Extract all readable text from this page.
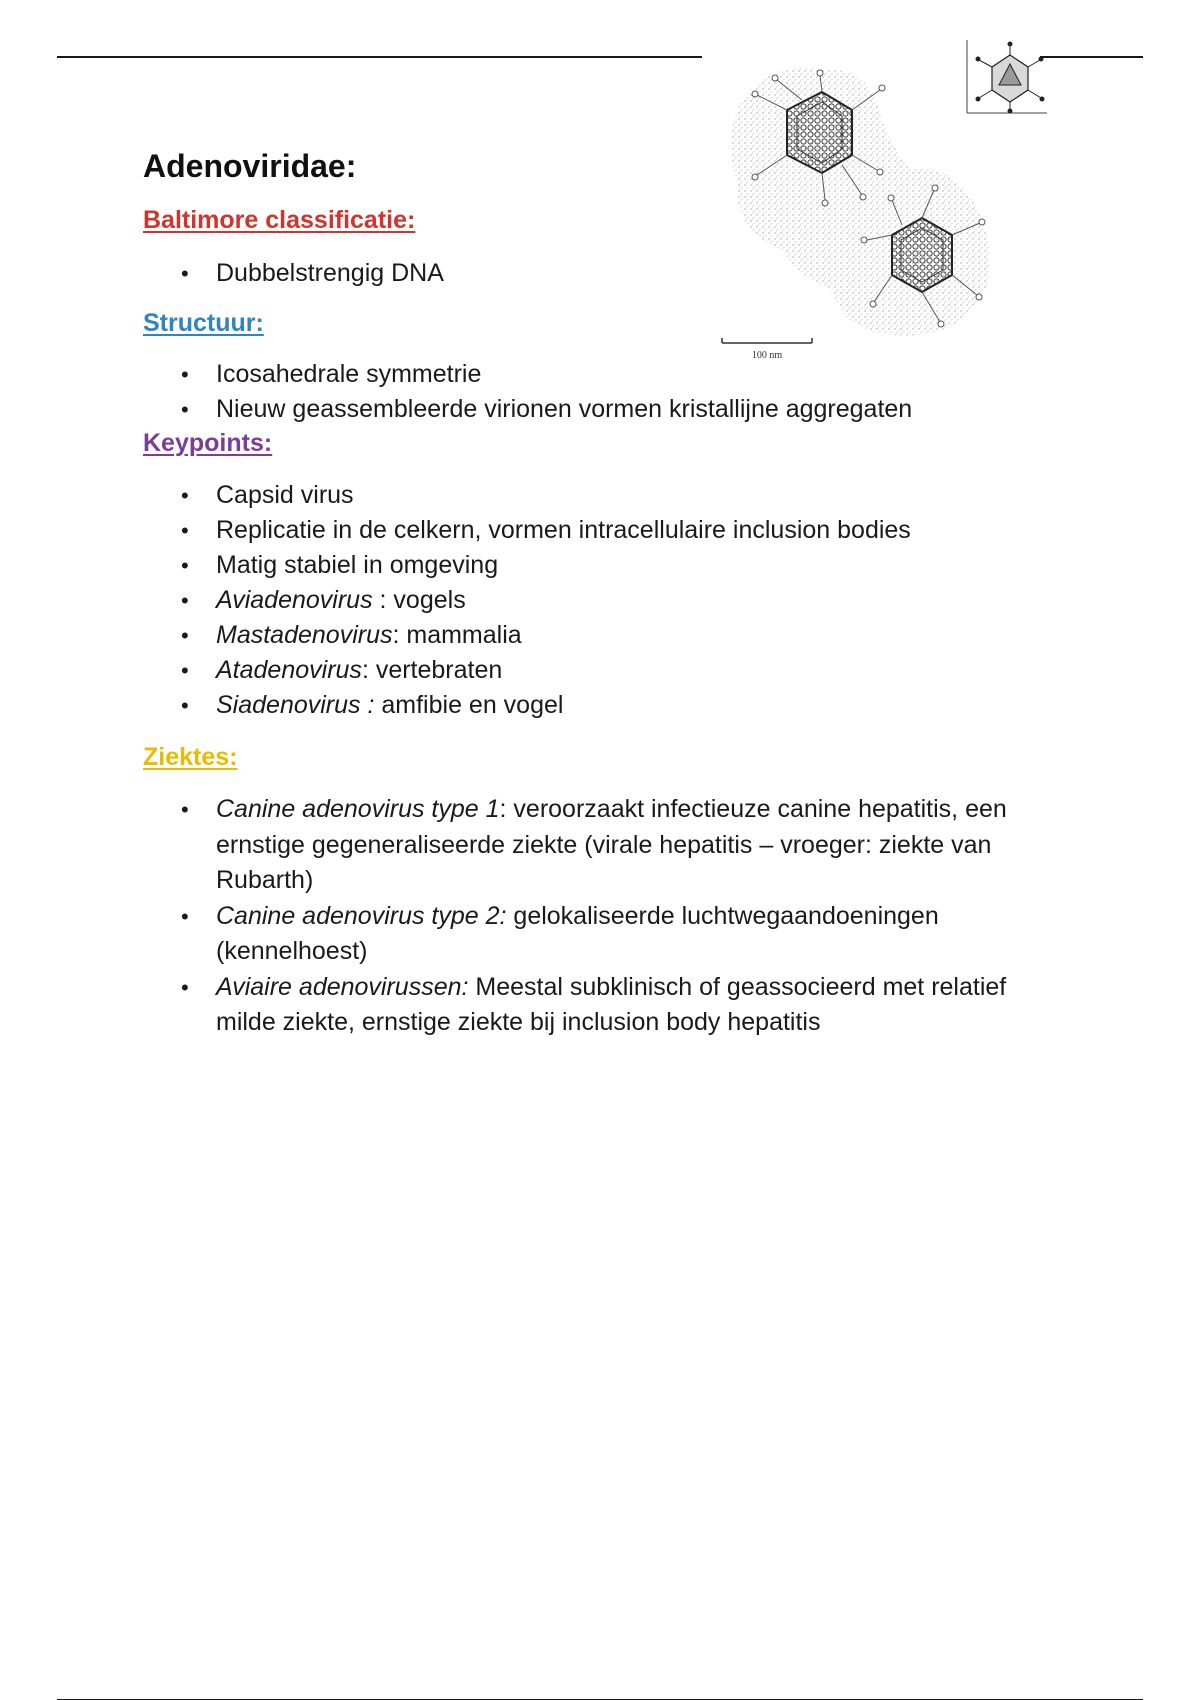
100 nm
Adenoviridae:
Baltimore classificatie:
• Dubbelstrengig DNA
Structuur:
• Icosahedrale symmetrie
• Nieuw geassembleerde virionen vormen kristallijne aggregaten
Keypoints:
• Capsid virus
• Replicatie in de celkern, vormen intracellulaire inclusion bodies
• Matig stabiel in omgeving
• Aviadenovirus : vogels
• Mastadenovirus: mammalia
• Atadenovirus: vertebraten
• Siadenovirus : amfibie en vogel
Ziektes:
• Canine adenovirus type 1: veroorzaakt infectieuze canine hepatitis, een ernstige gegeneraliseerde ziekte (virale hepatitis – vroeger: ziekte van Rubarth)
• Canine adenovirus type 2: gelokaliseerde luchtwegaandoeningen (kennelhoest)
• Aviaire adenovirussen: Meestal subklinisch of geassocieerd met relatief milde ziekte, ernstige ziekte bij inclusion body hepatitis
